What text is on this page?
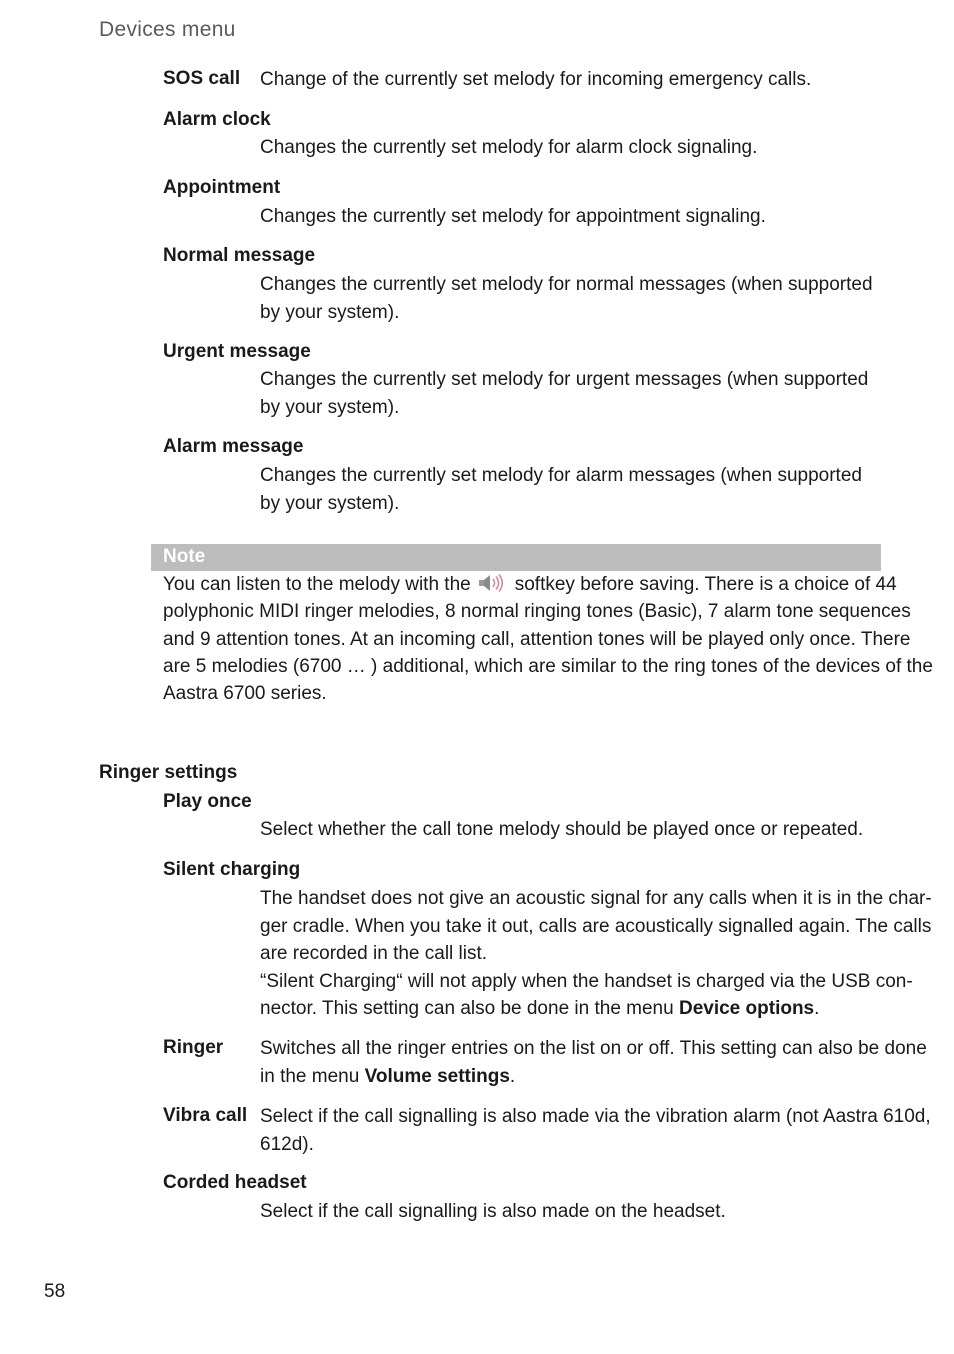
Devices menu
SOS call Change of the currently set melody for incoming emergency calls.
Alarm clock
Changes the currently set melody for alarm clock signaling.
Appointment
Changes the currently set melody for appointment signaling.
Normal message
Changes the currently set melody for normal messages (when supported
by your system).
Urgent message
Changes the currently set melody for urgent messages (when supported
by your system).
Alarm message
Changes the currently set melody for alarm messages (when supported
by your system).
Note
You can listen to the melody with the softkey before saving. There is a choice of 44
polyphonic MIDI ringer melodies, 8 normal ringing tones (Basic), 7 alarm tone sequences
and 9 attention tones. At an incoming call, attention tones will be played only once. There
are 5 melodies (6700 … ) additional, which are similar to the ring tones of the devices of the
Aastra 6700 series.
Ringer settings
Play once
Select whether the call tone melody should be played once or repeated.
Silent charging
The handset does not give an acoustic signal for any calls when it is in the char-
ger cradle. When you take it out, calls are acoustically signalled again. The calls
are recorded in the call list.
“Silent Charging“ will not apply when the handset is charged via the USB con-
nector. This setting can also be done in the menu Device options.
Ringer Switches all the ringer entries on the list on or off. This setting can also be done
in the menu Volume settings.
Vibra call Select if the call signalling is also made via the vibration alarm (not Aastra 610d,
612d).
Corded headset
Select if the call signalling is also made on the headset.
58
